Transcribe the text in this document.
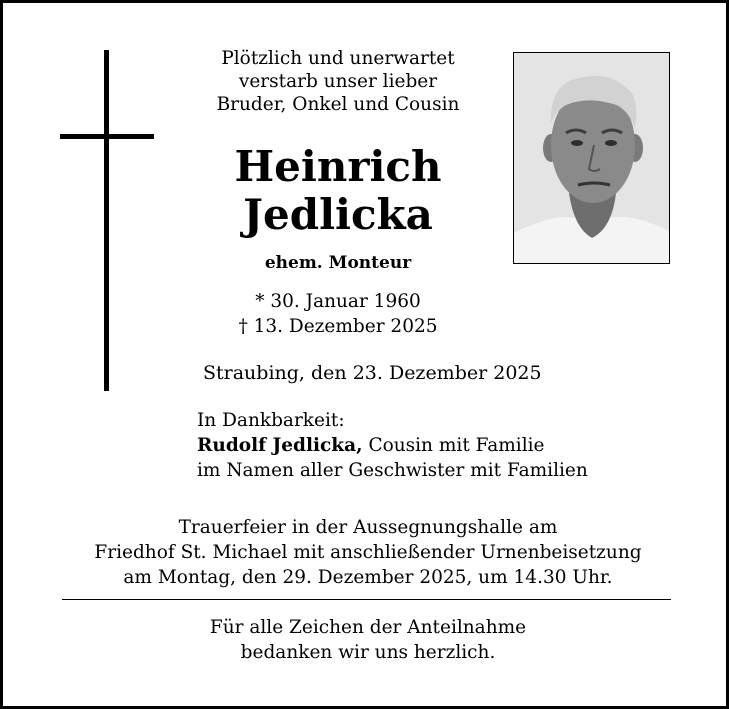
Plötzlich und unerwartet
verstarb unser lieber
Bruder, Onkel und Cousin
Heinrich
Jedlicka
ehem. Monteur
* 30. Januar 1960
† 13. Dezember 2025
Straubing, den 23. Dezember 2025
In Dankbarkeit:
Rudolf Jedlicka, Cousin mit Familie
im Namen aller Geschwister mit Familien
Trauerfeier in der Aussegnungshalle am
Friedhof St. Michael mit anschließender Urnenbeisetzung
am Montag, den 29. Dezember 2025, um 14.30 Uhr.
Für alle Zeichen der Anteilnahme
bedanken wir uns herzlich.
